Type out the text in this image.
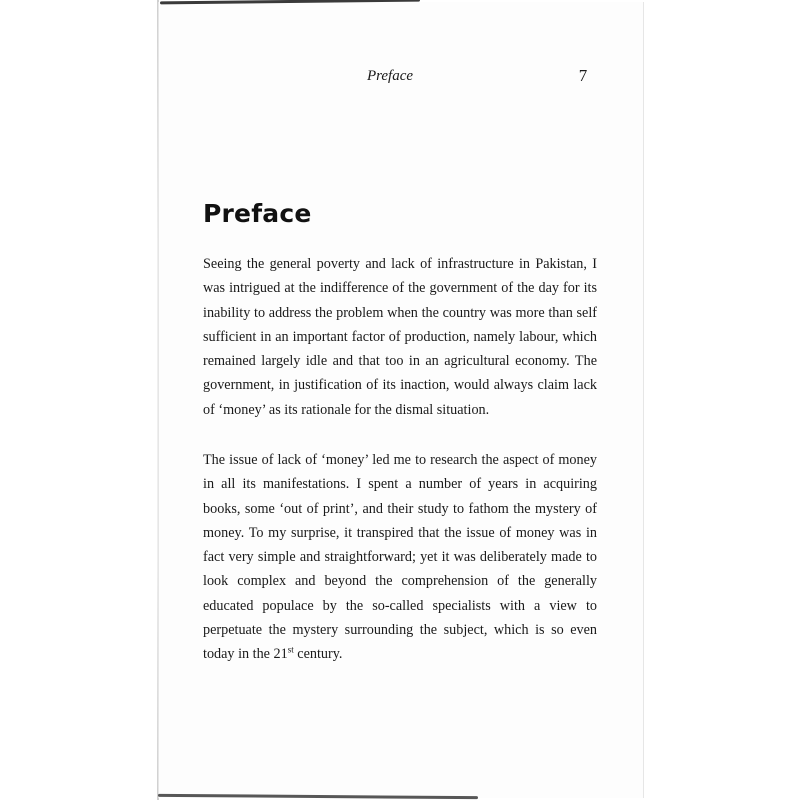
Preface	7
Preface

Seeing the general poverty and lack of infrastructure in Pakistan, I was intrigued at the indifference of the government of the day for its inability to address the problem when the country was more than self sufficient in an important factor of production, namely labour, which remained largely idle and that too in an agricultural economy. The government, in justification of its inaction, would always claim lack of ‘money’ as its rationale for the dismal situation.

The issue of lack of ‘money’ led me to research the aspect of money in all its manifestations. I spent a number of years in acquiring books, some ‘out of print’, and their study to fathom the mystery of money. To my surprise, it transpired that the issue of money was in fact very simple and straightforward; yet it was deliberately made to look complex and beyond the comprehension of the generally educated populace by the so-called specialists with a view to perpetuate the mystery surrounding the subject, which is so even today in the 21st century.
